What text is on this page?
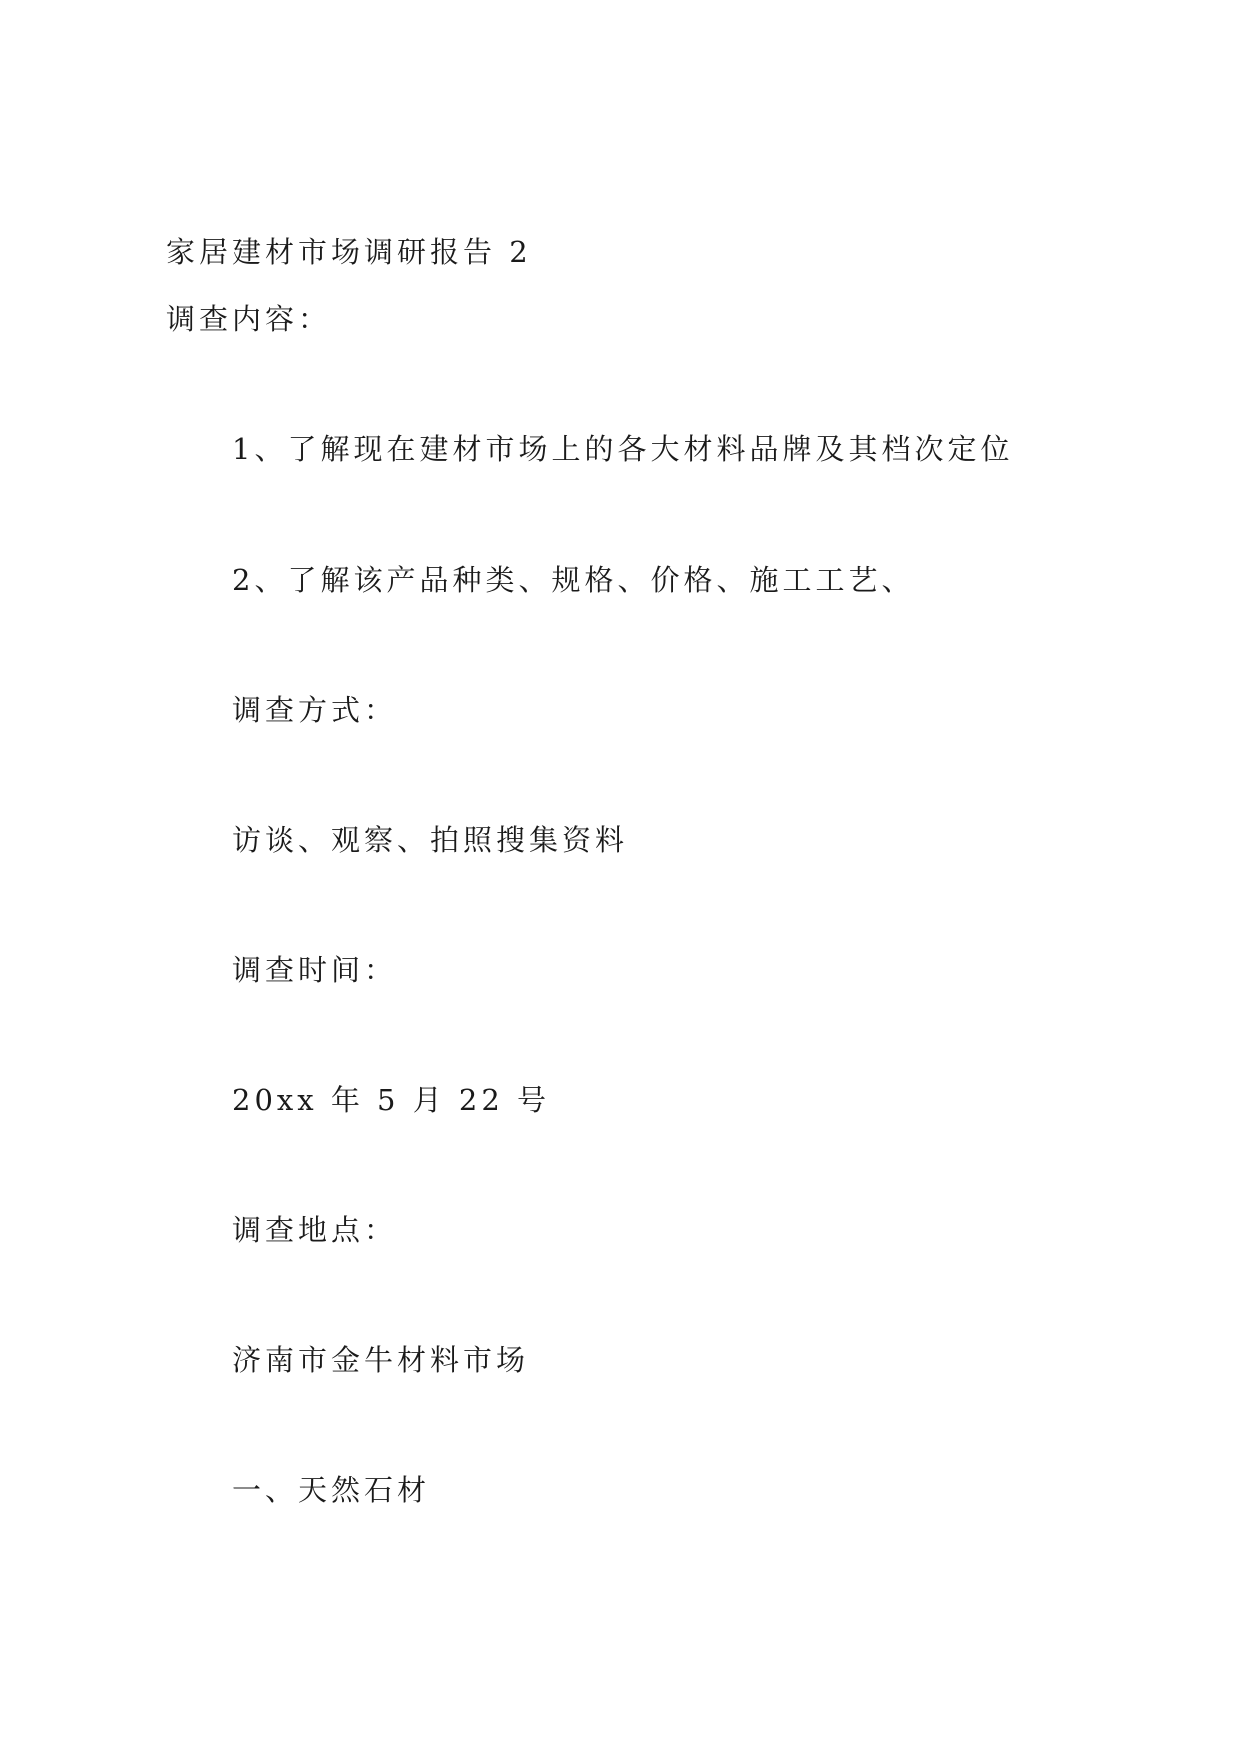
家居建材市场调研报告 2
调查内容：
1、了解现在建材市场上的各大材料品牌及其档次定位
2、了解该产品种类、规格、价格、施工工艺、
调查方式：
访谈、观察、拍照搜集资料
调查时间：
20xx 年 5 月 22 号
调查地点：
济南市金牛材料市场
一、天然石材
